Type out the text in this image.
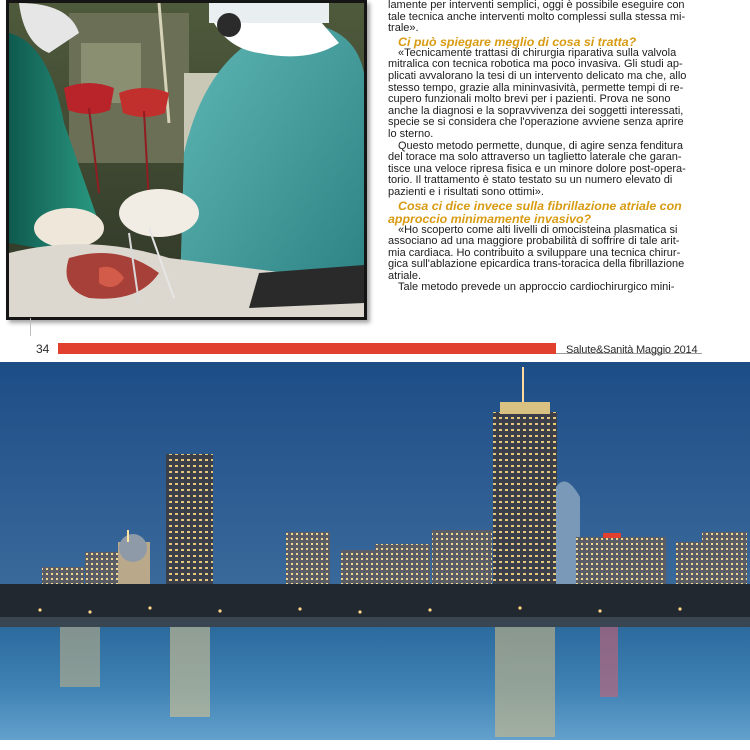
lamente per interventi semplici, oggi è possibile eseguire con

tale tecnica anche interventi molto complessi sulla stessa mi-

trale».

Ci può spiegare meglio di cosa si tratta?

«Tecnicamente trattasi di chirurgia riparativa sulla valvola

mitralica con tecnica robotica ma poco invasiva. Gli studi ap-

plicati avvalorano la tesi di un intervento delicato ma che, allo

stesso tempo, grazie alla mininvasività, permette tempi di re-

cupero funzionali molto brevi per i pazienti. Prova ne sono

anche la diagnosi e la sopravvivenza dei soggetti interessati,

specie se si considera che l'operazione avviene senza aprire

lo sterno.

Questo metodo permette, dunque, di agire senza fenditura

del torace ma solo attraverso un taglietto laterale che garan-

tisce una veloce ripresa fisica e un minore dolore post-opera-

torio. Il trattamento è stato testato su un numero elevato di

pazienti e i risultati sono ottimi».

Cosa ci dice invece sulla fibrillazione atriale con
approccio minimamente invasivo?

«Ho scoperto come alti livelli di omocisteina plasmatica si

associano ad una maggiore probabilità di soffrire di tale arit-

mia cardiaca. Ho contribuito a sviluppare una tecnica chirur-

gica sull'ablazione epicardica trans-toracica della fibrillazione

atriale.

Tale metodo prevede un approccio cardiochirurgico mini-

34	Salute&Sanità Maggio 2014
